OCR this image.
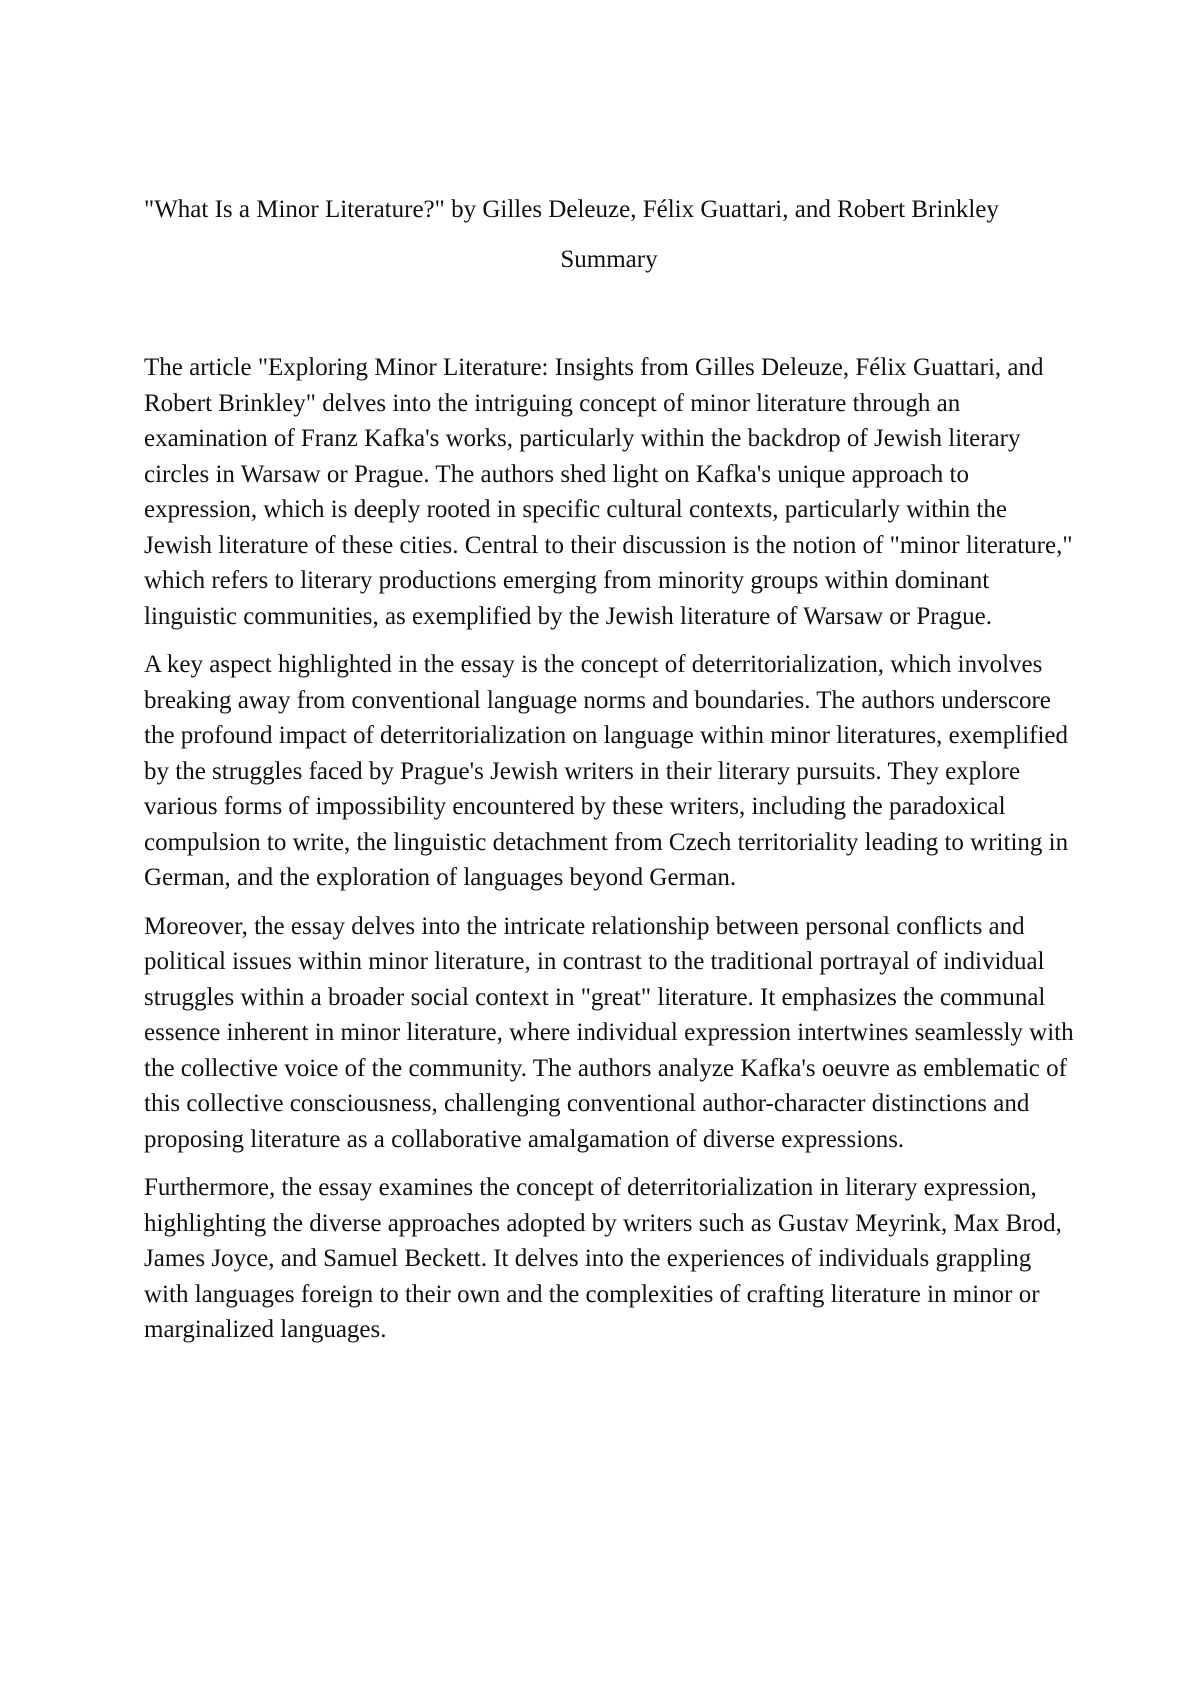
"What Is a Minor Literature?" by Gilles Deleuze, Félix Guattari, and Robert Brinkley
Summary

The article "Exploring Minor Literature: Insights from Gilles Deleuze, Félix Guattari, and Robert Brinkley" delves into the intriguing concept of minor literature through an examination of Franz Kafka's works, particularly within the backdrop of Jewish literary circles in Warsaw or Prague. The authors shed light on Kafka's unique approach to expression, which is deeply rooted in specific cultural contexts, particularly within the Jewish literature of these cities. Central to their discussion is the notion of "minor literature," which refers to literary productions emerging from minority groups within dominant linguistic communities, as exemplified by the Jewish literature of Warsaw or Prague.

A key aspect highlighted in the essay is the concept of deterritorialization, which involves breaking away from conventional language norms and boundaries. The authors underscore the profound impact of deterritorialization on language within minor literatures, exemplified by the struggles faced by Prague's Jewish writers in their literary pursuits. They explore various forms of impossibility encountered by these writers, including the paradoxical compulsion to write, the linguistic detachment from Czech territoriality leading to writing in German, and the exploration of languages beyond German.

Moreover, the essay delves into the intricate relationship between personal conflicts and political issues within minor literature, in contrast to the traditional portrayal of individual struggles within a broader social context in "great" literature. It emphasizes the communal essence inherent in minor literature, where individual expression intertwines seamlessly with the collective voice of the community. The authors analyze Kafka's oeuvre as emblematic of this collective consciousness, challenging conventional author-character distinctions and proposing literature as a collaborative amalgamation of diverse expressions.

Furthermore, the essay examines the concept of deterritorialization in literary expression, highlighting the diverse approaches adopted by writers such as Gustav Meyrink, Max Brod, James Joyce, and Samuel Beckett. It delves into the experiences of individuals grappling with languages foreign to their own and the complexities of crafting literature in minor or marginalized languages.
